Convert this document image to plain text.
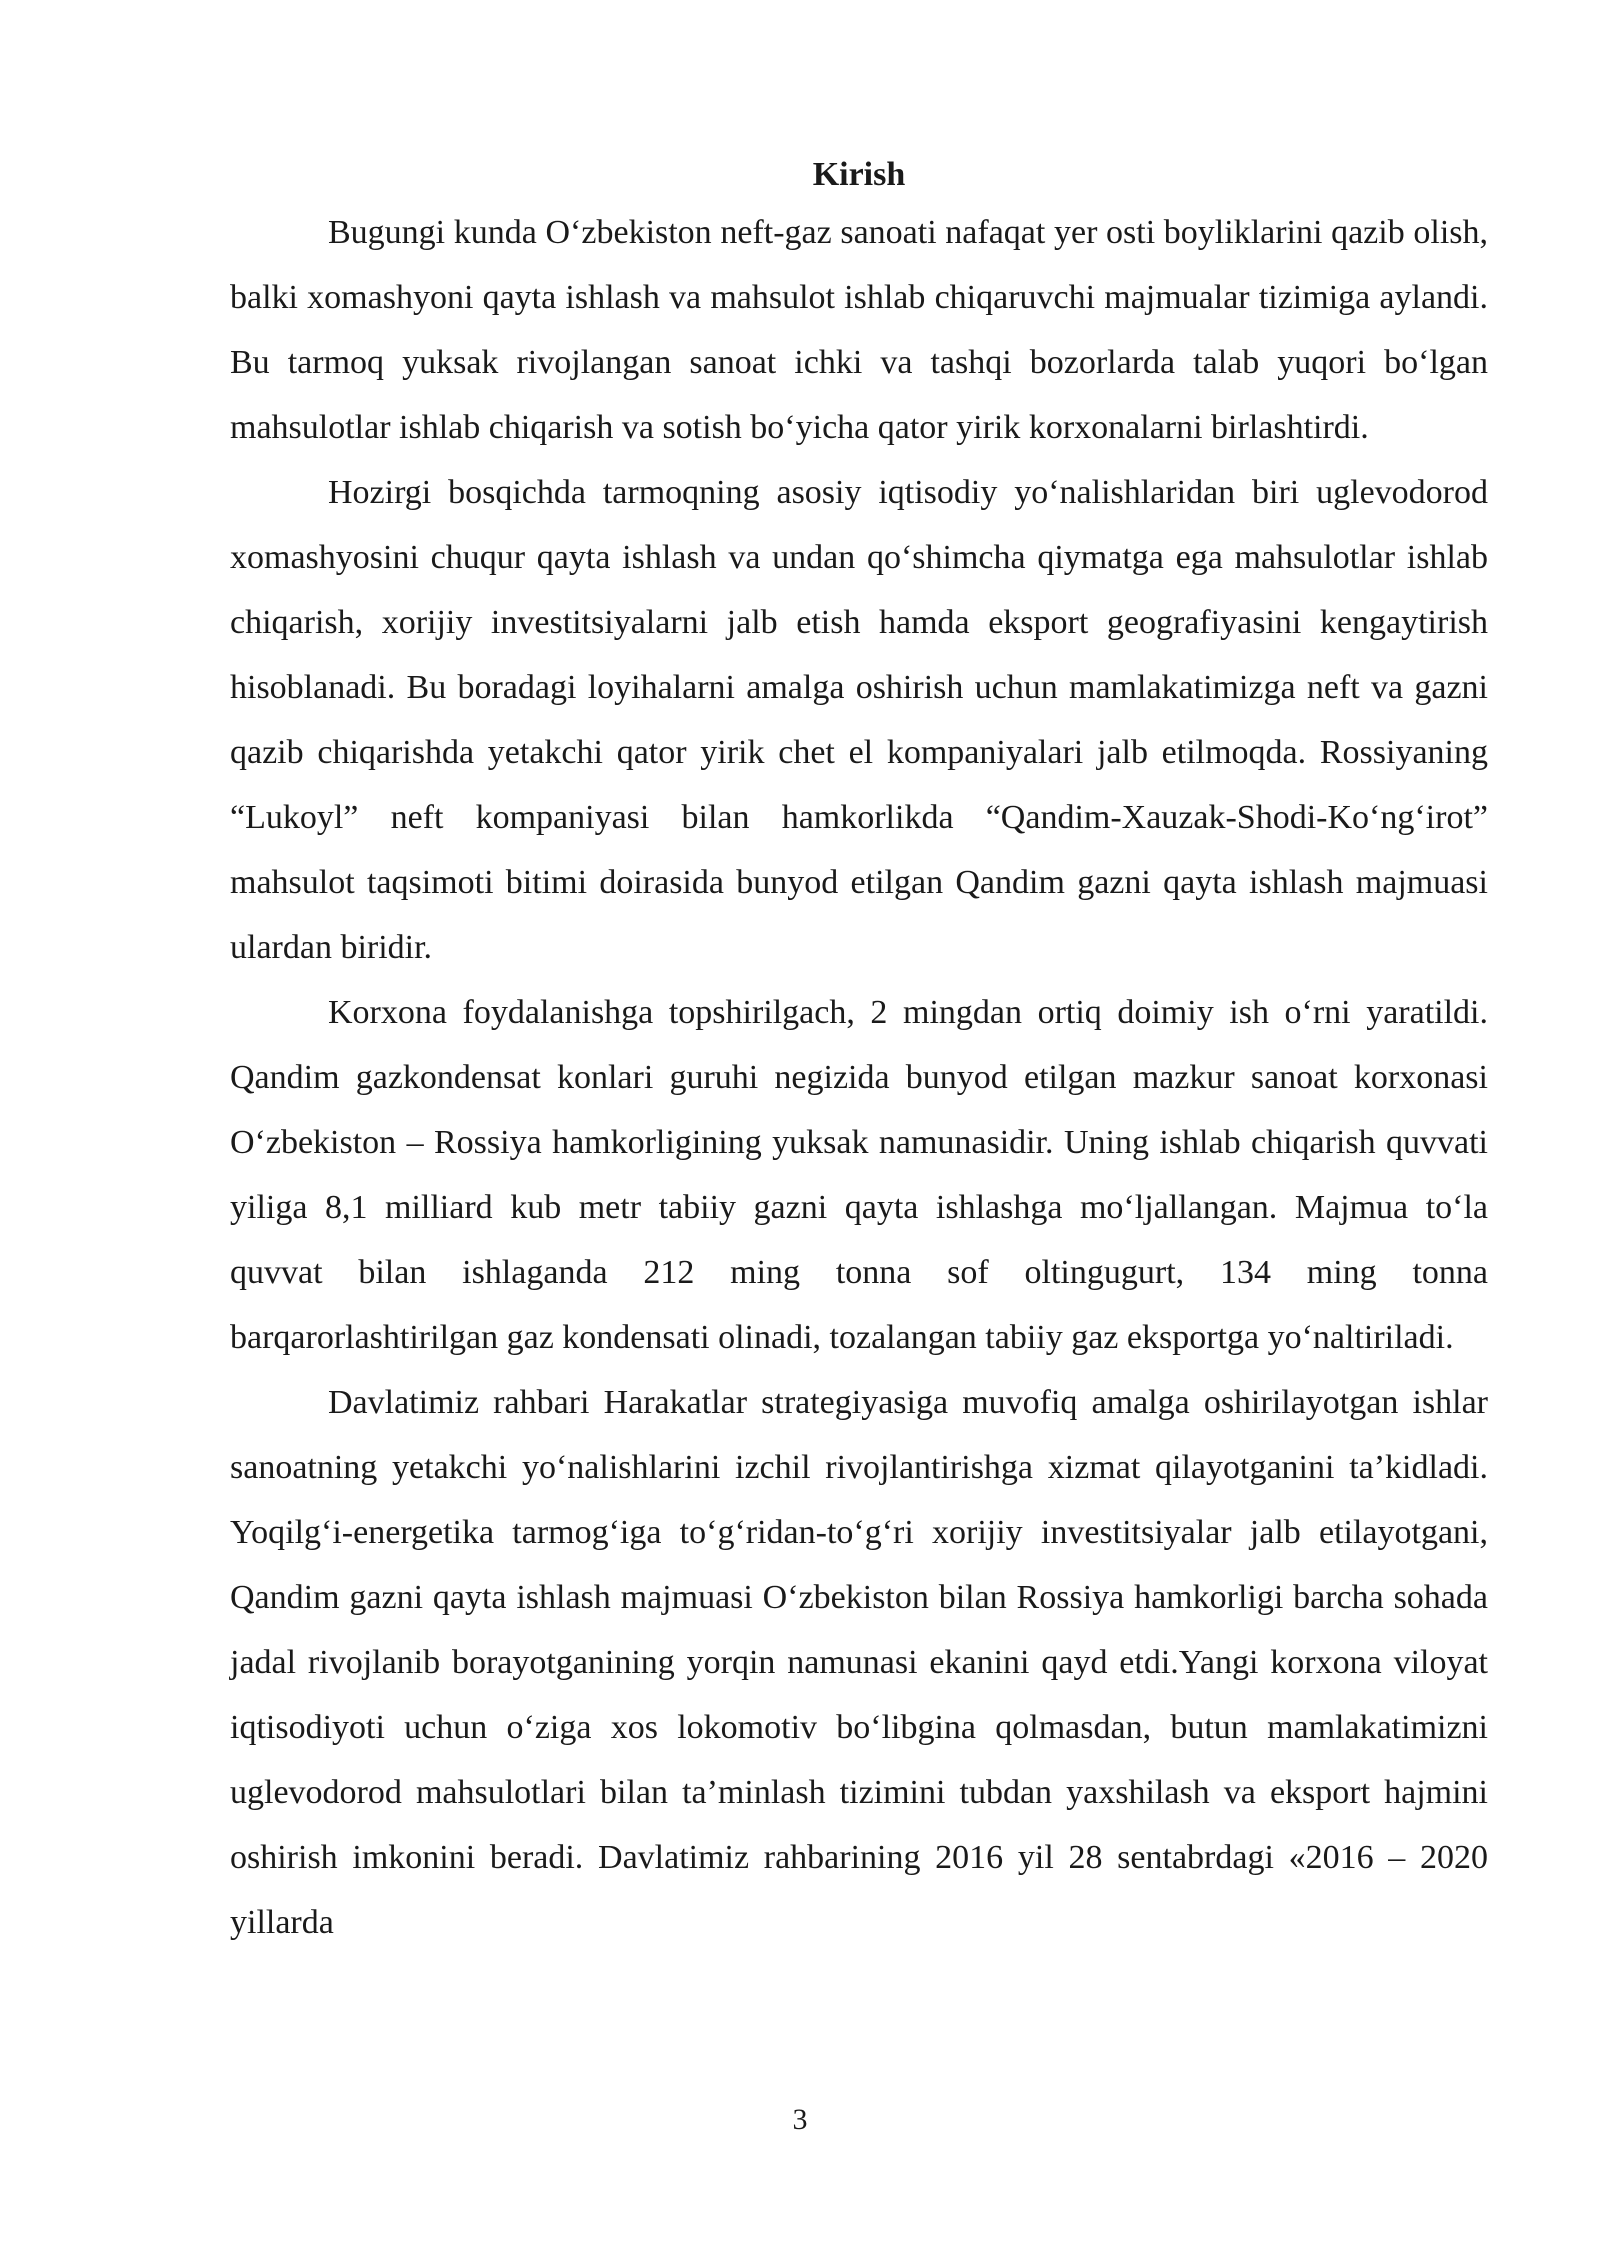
Kirish

Bugungi kunda O‘zbekiston neft-gaz sanoati nafaqat yer osti boyliklarini qazib olish, balki xomashyoni qayta ishlash va mahsulot ishlab chiqaruvchi majmualar tizimiga aylandi. Bu tarmoq yuksak rivojlangan sanoat ichki va tashqi bozorlarda talab yuqori bo‘lgan mahsulotlar ishlab chiqarish va sotish bo‘yicha qator yirik korxonalarni birlashtirdi.

Hozirgi bosqichda tarmoqning asosiy iqtisodiy yo‘nalishlaridan biri uglevodorod xomashyosini chuqur qayta ishlash va undan qo‘shimcha qiymatga ega mahsulotlar ishlab chiqarish, xorijiy investitsiyalarni jalb etish hamda eksport geografiyasini kengaytirish hisoblanadi. Bu boradagi loyihalarni amalga oshirish uchun mamlakatimizga neft va gazni qazib chiqarishda yetakchi qator yirik chet el kompaniyalari jalb etilmoqda. Rossiyaning “Lukoyl” neft kompaniyasi bilan hamkorlikda “Qandim-Xauzak-Shodi-Ko‘ng‘irot” mahsulot taqsimoti bitimi doirasida bunyod etilgan Qandim gazni qayta ishlash majmuasi ulardan biridir.

Korxona foydalanishga topshirilgach, 2 mingdan ortiq doimiy ish o‘rni yaratildi. Qandim gazkondensat konlari guruhi negizida bunyod etilgan mazkur sanoat korxonasi O‘zbekiston – Rossiya hamkorligining yuksak namunasidir. Uning ishlab chiqarish quvvati yiliga 8,1 milliard kub metr tabiiy gazni qayta ishlashga mo‘ljallangan. Majmua to‘la quvvat bilan ishlaganda 212 ming tonna sof oltingugurt, 134 ming tonna barqarorlashtirilgan gaz kondensati olinadi, tozalangan tabiiy gaz eksportga yo‘naltiriladi.

Davlatimiz rahbari Harakatlar strategiyasiga muvofiq amalga oshirilayotgan ishlar sanoatning yetakchi yo‘nalishlarini izchil rivojlantirishga xizmat qilayotganini ta’kidladi. Yoqilg‘i-energetika tarmog‘iga to‘g‘ridan-to‘g‘ri xorijiy investitsiyalar jalb etilayotgani, Qandim gazni qayta ishlash majmuasi O‘zbekiston bilan Rossiya hamkorligi barcha sohada jadal rivojlanib borayotganining yorqin namunasi ekanini qayd etdi.Yangi korxona viloyat iqtisodiyoti uchun o‘ziga xos lokomotiv bo‘libgina qolmasdan, butun mamlakatimizni uglevodorod mahsulotlari bilan ta’minlash tizimini tubdan yaxshilash va eksport hajmini oshirish imkonini beradi. Davlatimiz rahbarining 2016 yil 28 sentabrdagi «2016 – 2020 yillarda

3
